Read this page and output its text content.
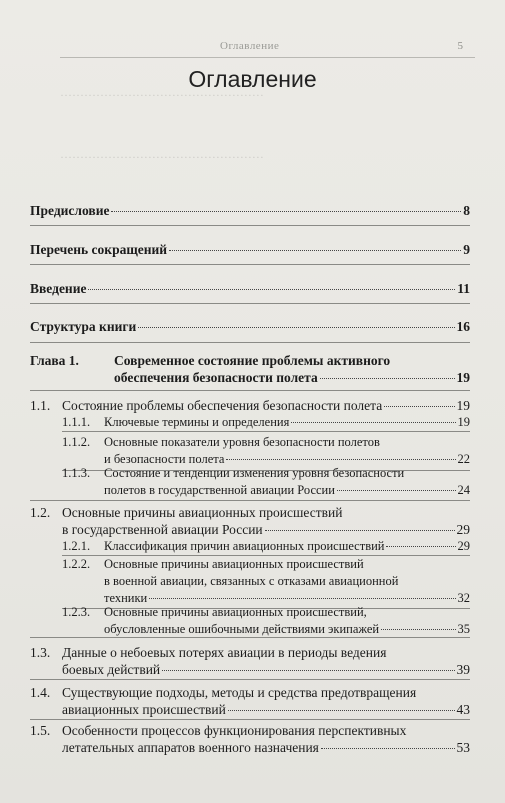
···················································
···················································
Оглавление	5
Оглавление
Предисловие	8
Перечень сокращений	9
Введение	11
Структура книги	16
Глава 1.	Современное состояние проблемы активного
обеспечения безопасности полета	19
1.1. Состояние проблемы обеспечения безопасности полета	19
1.1.1.	Ключевые термины и определения	19
1.1.2.	Основные показатели уровня безопасности полетов
и безопасности полета	22
1.1.3.	Состояние и тенденции изменения уровня безопасности
полетов в государственной авиации России	24
1.2. Основные причины авиационных происшествий
в государственной авиации России	29
1.2.1.	Классификация причин авиационных происшествий	29
1.2.2.	Основные причины авиационных происшествий
в военной авиации, связанных с отказами авиационной
техники	32
1.2.3.	Основные причины авиационных происшествий,
обусловленные ошибочными действиями экипажей	35
1.3. Данные о небоевых потерях авиации в периоды ведения
боевых действий	39
1.4. Существующие подходы, методы и средства предотвращения
авиационных происшествий	43
1.5. Особенности процессов функционирования перспективных
летательных аппаратов военного назначения	53
